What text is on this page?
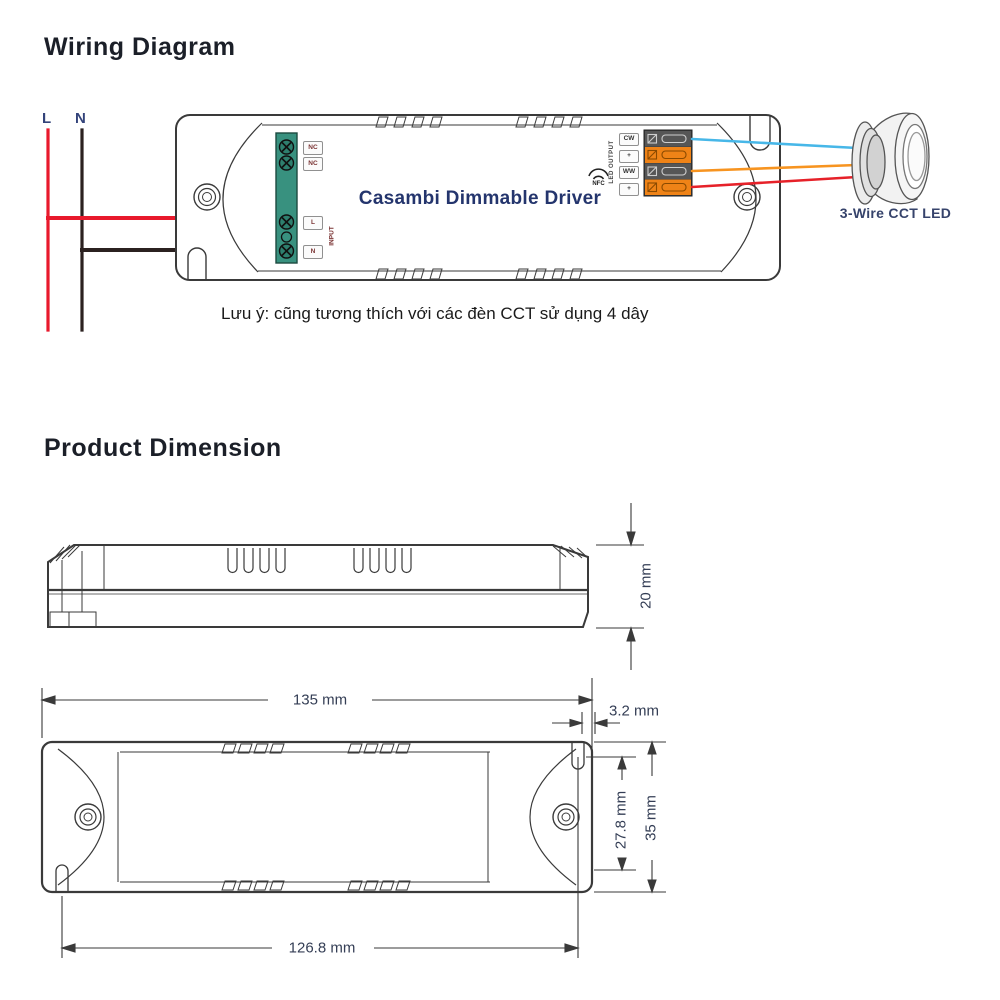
Wiring Diagram
L N
NC
NC
L
N
INPUT
Casambi Dimmable Driver
NFC
LED OUTPUT
CW
+
WW
+
3-Wire CCT LED
Lưu ý: cũng tương thích với các đèn CCT sử dụng 4 dây
Product Dimension
20 mm
135 mm
3.2 mm
27.8 mm 35 mm
126.8 mm
